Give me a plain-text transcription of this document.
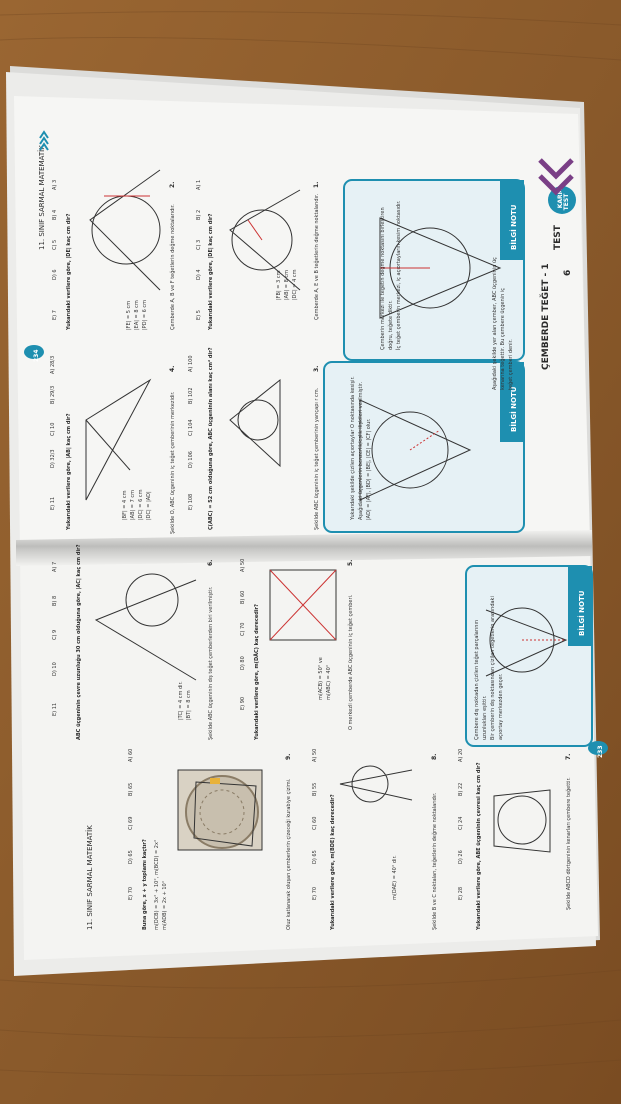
11. SINIF SARMAL MATEMATİK	KARMA TEST
TEST
6
ÇEMBERDE TEĞET - 1
BİLGİ NOTU
BİLGİ NOTU
Aşağıdaki şekilde yer alan çember, ABC üçgeninin üç kenarına teğettir. Bu çembere üçgenin iç teğet çemberi denir.
Çemberin merkezi ile teğetin değme noktasını birleştiren doğru, teğete diktir. İç teğet çemberin merkezi, iç açıortayların kesim noktasıdır.
Yukarıdaki şekilde çizilen açıortaylar O noktasında kesişir. Aşağıdaki üçgenlerin benzerlik/eşlik ilişkileri verilmiştir. |AD| = |AF|, |BD| = |BE|, |CE| = |CF| olur.
1.
Çemberde A, E ve B teğetlerin değme noktalarıdır.
|DC| = 4 cm
|AB| = 8 cm
|FB| = 3 cm
Yukarıdaki verilere göre, |DE| kaç cm dir?
A) 1
B) 2
C) 3
D) 4
E) 5
2.
Çemberde A, B ve F teğetlerin değme noktalarıdır.
|PD| = 6 cm
|EA| = 8 cm
|FE| = 5 cm
Yukarıdaki verilere göre, |DE| kaç cm dir?
A) 3
B) 4
C) 5
D) 6
E) 7
3.
Şekilde ABC üçgeninin iç teğet çemberinin yarıçapı r cm.
Ç(ABC) = 52 cm olduğuna göre, ABC üçgeninin alanı kaç cm² dir?
A) 100
B) 102
C) 104
D) 106
E) 108
4.
Şekilde O, ABC üçgeninin iç teğet çemberinin merkezidir.
|DC| = |AD|
|DC| = 6 cm
|AB| = 7 cm
|BF| = 4 cm
Yukarıdaki verilere göre, |AB| kaç cm dir?
A) 28/3
B) 29/3
C) 10
D) 32/3
E) 11
234
BİLGİ NOTU
Çembere dış noktadan çizilen teğet parçalarının uzunlukları eşittir. Bir çemberin dış noktasından çizilen teğetlerin arasındaki açıortay merkezden geçer.
5.
O merkezli çemberde ABC üçgeninin iç teğet çemberi.
m(ABC) = 40°
m(ACB) = 50° ve
Yukarıdaki verilere göre, m(DÂC) kaç derecedir?
A) 50
B) 60
C) 70
D) 80
E) 90
6.
Şekilde ABC üçgeninin dış teğet çemberlerden biri verilmiştir.
|BT| = 8 cm
|TC| = 4 cm dir.
ABC üçgeninin çevre uzunluğu 30 cm olduğuna göre, |AC| kaç cm dir?
A) 7
B) 8
C) 9
D) 10
E) 11
7.
Şekilde ABCD dörtgeninin kenarları çembere teğettir.
Yukarıdaki verilere göre, ABE üçgeninin çevresi kaç cm dir?
A) 20
B) 22
C) 24
D) 26
E) 28
8.
Şekilde B ve C noktaları, teğetlerin değme noktalarıdır.
m(DAE) = 40° dir.
Yukarıdaki verilere göre, m(BDE) kaç derecedir?
A) 50
B) 55
C) 60
D) 65
E) 70
9.
Oluz katlanarak oluşan çemberlerin çizeceği kurabiye çizimi.
m(ADB) = 2x + 10°
m(DCB) = 3x° + 10°, m(BCD) = 2x°
Buna göre, x + y toplamı kaçtır?
A) 60
B) 65
C) 69
D) 65
E) 70
11. SINIF SARMAL MATEMATİK
233
